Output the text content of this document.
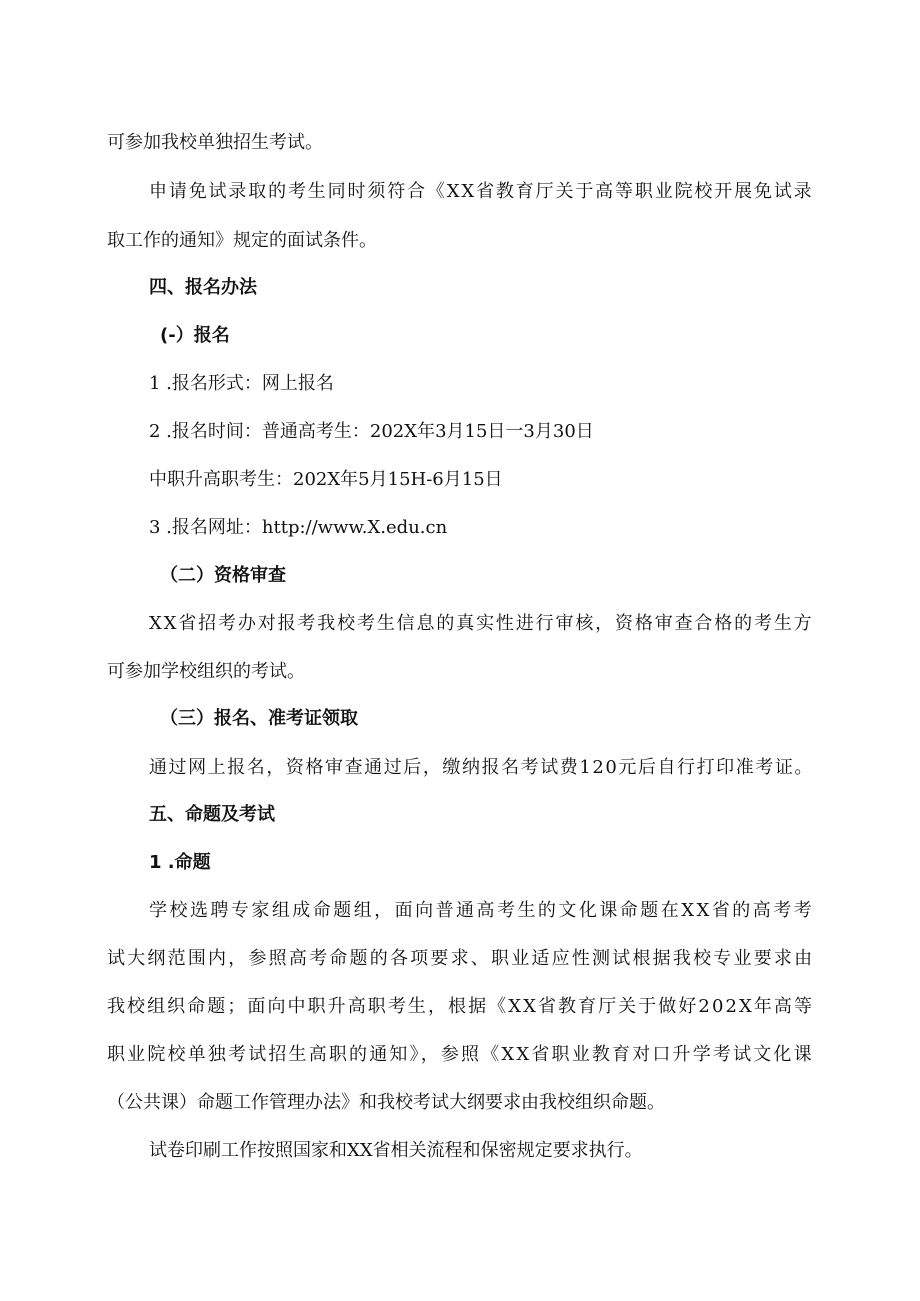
可参加我校单独招生考试。
申请免试录取的考生同时须符合《XX省教育厅关于高等职业院校开展免试录
取工作的通知》规定的面试条件。
四、报名办法
(-）报名
1 .报名形式：网上报名
2 .报名时间：普通高考生：202X年3月15日一3月30日
中职升高职考生：202X年5月15H-6月15日
3 .报名网址：http://www.X.edu.cn
（二）资格审查
XX省招考办对报考我校考生信息的真实性进行审核，资格审查合格的考生方
可参加学校组织的考试。
（三）报名、准考证领取
通过网上报名，资格审查通过后，缴纳报名考试费120元后自行打印准考证。
五、命题及考试
1 .命题
学校选聘专家组成命题组，面向普通高考生的文化课命题在XX省的高考考
试大纲范围内，参照高考命题的各项要求、职业适应性测试根据我校专业要求由
我校组织命题；面向中职升高职考生，根据《XX省教育厅关于做好202X年高等
职业院校单独考试招生高职的通知》，参照《XX省职业教育对口升学考试文化课
（公共课）命题工作管理办法》和我校考试大纲要求由我校组织命题。
试卷印刷工作按照国家和XX省相关流程和保密规定要求执行。
